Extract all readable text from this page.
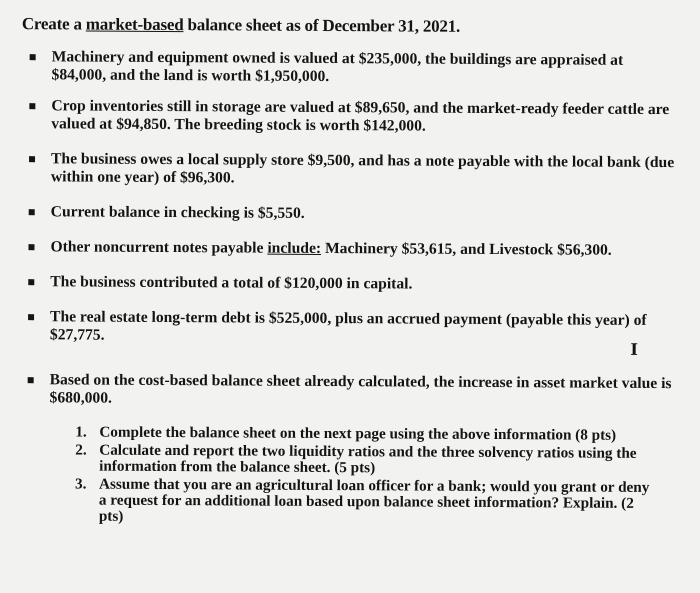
Create a market-based balance sheet as of December 31, 2021.
Machinery and equipment owned is valued at $235,000, the buildings are appraised at $84,000, and the land is worth $1,950,000.
Crop inventories still in storage are valued at $89,650, and the market-ready feeder cattle are valued at $94,850. The breeding stock is worth $142,000.
The business owes a local supply store $9,500, and has a note payable with the local bank (due within one year) of $96,300.
Current balance in checking is $5,550.
Other noncurrent notes payable include: Machinery $53,615, and Livestock $56,300.
The business contributed a total of $120,000 in capital.
The real estate long-term debt is $525,000, plus an accrued payment (payable this year) of $27,775.
I
Based on the cost-based balance sheet already calculated, the increase in asset market value is $680,000.
1. Complete the balance sheet on the next page using the above information (8 pts)
2. Calculate and report the two liquidity ratios and the three solvency ratios using the information from the balance sheet. (5 pts)
3. Assume that you are an agricultural loan officer for a bank; would you grant or deny a request for an additional loan based upon balance sheet information? Explain. (2 pts)
